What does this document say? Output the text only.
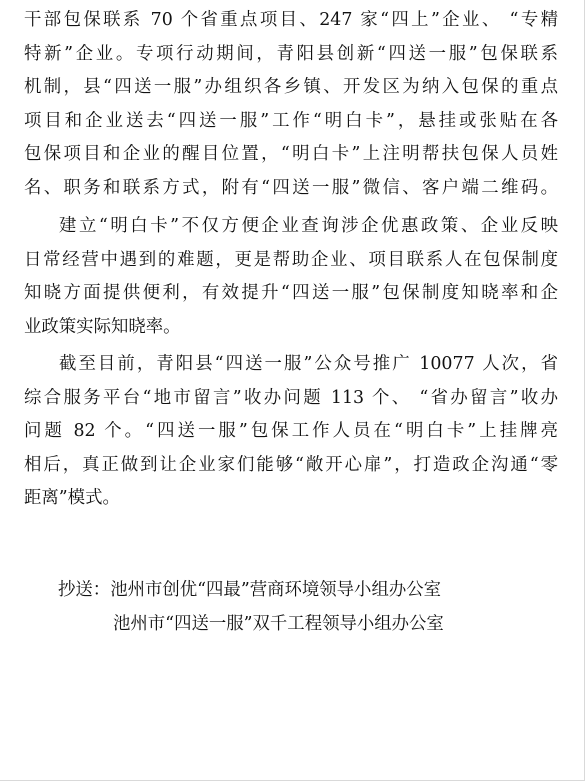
干部包保联系 70 个省重点项目、247 家“四上”企业、 “专精
特新”企业。专项行动期间，青阳县创新“四送一服”包保联系
机制，县“四送一服”办组织各乡镇、开发区为纳入包保的重点
项目和企业送去“四送一服”工作“明白卡”，悬挂或张贴在各
包保项目和企业的醒目位置，“明白卡”上注明帮扶包保人员姓
名、职务和联系方式，附有“四送一服”微信、客户端二维码。
建立“明白卡”不仅方便企业查询涉企优惠政策、企业反映
日常经营中遇到的难题，更是帮助企业、项目联系人在包保制度
知晓方面提供便利，有效提升“四送一服”包保制度知晓率和企
业政策实际知晓率。
截至目前，青阳县“四送一服”公众号推广 10077 人次，省
综合服务平台“地市留言”收办问题 113 个、 “省办留言”收办
问题 82 个。“四送一服”包保工作人员在“明白卡”上挂牌亮
相后，真正做到让企业家们能够“敞开心扉”，打造政企沟通“零
距离”模式。
抄送：池州市创优“四最”营商环境领导小组办公室
池州市“四送一服”双千工程领导小组办公室
